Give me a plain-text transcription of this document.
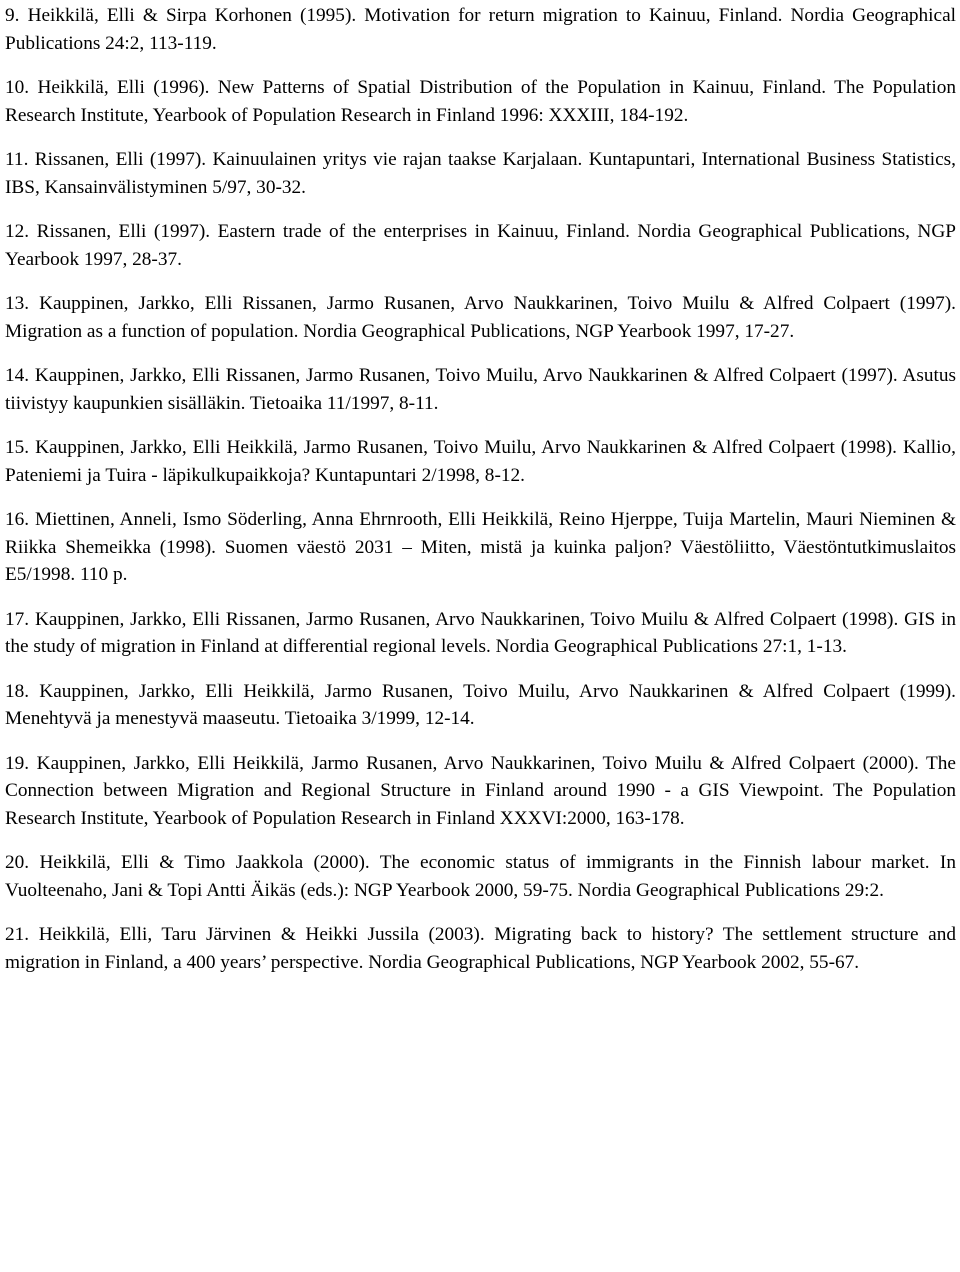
9. Heikkilä, Elli & Sirpa Korhonen (1995). Motivation for return migration to Kainuu, Finland. Nordia Geographical Publications 24:2, 113-119.

10. Heikkilä, Elli (1996). New Patterns of Spatial Distribution of the Population in Kainuu, Finland. The Population Research Institute, Yearbook of Population Research in Finland 1996: XXXIII, 184-192.

11. Rissanen, Elli (1997). Kainuulainen yritys vie rajan taakse Karjalaan. Kuntapuntari, International Business Statistics, IBS, Kansainvälistyminen 5/97, 30-32.

12. Rissanen, Elli (1997). Eastern trade of the enterprises in Kainuu, Finland. Nordia Geographical Publications, NGP Yearbook 1997, 28-37.

13. Kauppinen, Jarkko, Elli Rissanen, Jarmo Rusanen, Arvo Naukkarinen, Toivo Muilu & Alfred Colpaert (1997). Migration as a function of population. Nordia Geographical Publications, NGP Yearbook 1997, 17-27.

14. Kauppinen, Jarkko, Elli Rissanen, Jarmo Rusanen, Toivo Muilu, Arvo Naukkarinen & Alfred Colpaert (1997). Asutus tiivistyy kaupunkien sisälläkin. Tietoaika 11/1997, 8-11.

15. Kauppinen, Jarkko, Elli Heikkilä, Jarmo Rusanen, Toivo Muilu, Arvo Naukkarinen & Alfred Colpaert (1998). Kallio, Pateniemi ja Tuira - läpikulkupaikkoja? Kuntapuntari 2/1998, 8-12.

16. Miettinen, Anneli, Ismo Söderling, Anna Ehrnrooth, Elli Heikkilä, Reino Hjerppe, Tuija Martelin, Mauri Nieminen & Riikka Shemeikka (1998). Suomen väestö 2031 – Miten, mistä ja kuinka paljon? Väestöliitto, Väestöntutkimuslaitos E5/1998. 110 p.

17. Kauppinen, Jarkko, Elli Rissanen, Jarmo Rusanen, Arvo Naukkarinen, Toivo Muilu & Alfred Colpaert (1998). GIS in the study of migration in Finland at differential regional levels. Nordia Geographical Publications 27:1, 1-13.

18. Kauppinen, Jarkko, Elli Heikkilä, Jarmo Rusanen, Toivo Muilu, Arvo Naukkarinen & Alfred Colpaert (1999). Menehtyvä ja menestyvä maaseutu. Tietoaika 3/1999, 12-14.

19. Kauppinen, Jarkko, Elli Heikkilä, Jarmo Rusanen, Arvo Naukkarinen, Toivo Muilu & Alfred Colpaert (2000). The Connection between Migration and Regional Structure in Finland around 1990 - a GIS Viewpoint. The Population Research Institute, Yearbook of Population Research in Finland XXXVI:2000, 163-178.

20. Heikkilä, Elli & Timo Jaakkola (2000). The economic status of immigrants in the Finnish labour market. In Vuolteenaho, Jani & Topi Antti Äikäs (eds.): NGP Yearbook 2000, 59-75. Nordia Geographical Publications 29:2.

21. Heikkilä, Elli, Taru Järvinen & Heikki Jussila (2003). Migrating back to history? The settlement structure and migration in Finland, a 400 years’ perspective. Nordia Geographical Publications, NGP Yearbook 2002, 55-67.
